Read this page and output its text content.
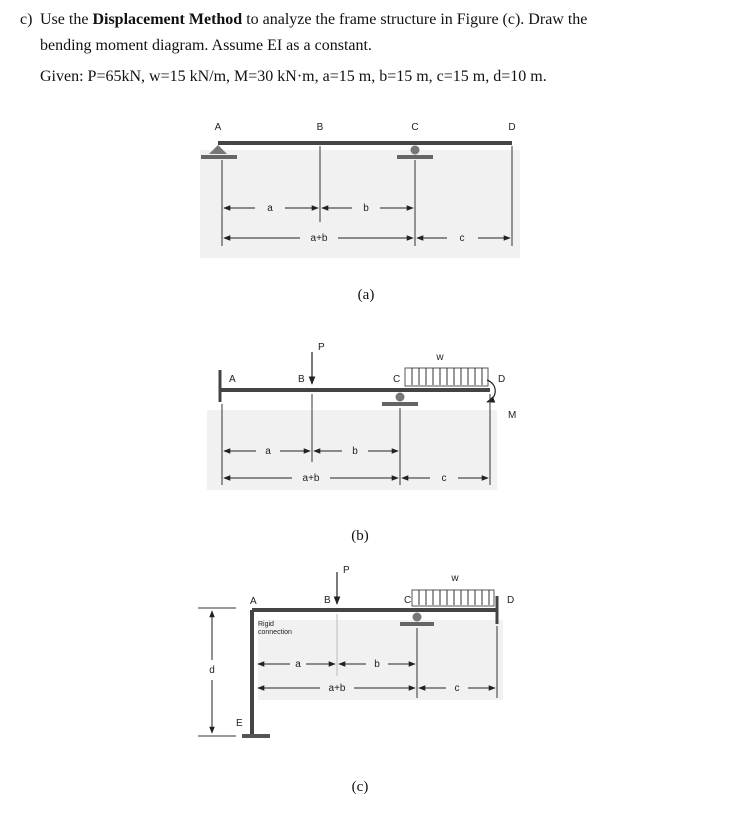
c) Use the Displacement Method to analyze the frame structure in Figure (c). Draw the
bending moment diagram. Assume EI as a constant.
Given: P=65kN, w=15 kN/m, M=30 kN·m, a=15 m, b=15 m, c=15 m, d=10 m.
A	B	C	D
a	b
a+b	c
(a)
P
w
M
A	B	C	D
a	b
a+b	c
(b)
Rigid
connection
P
w
A	B	C	D
E
d
a	b
a+b	c
(c)
